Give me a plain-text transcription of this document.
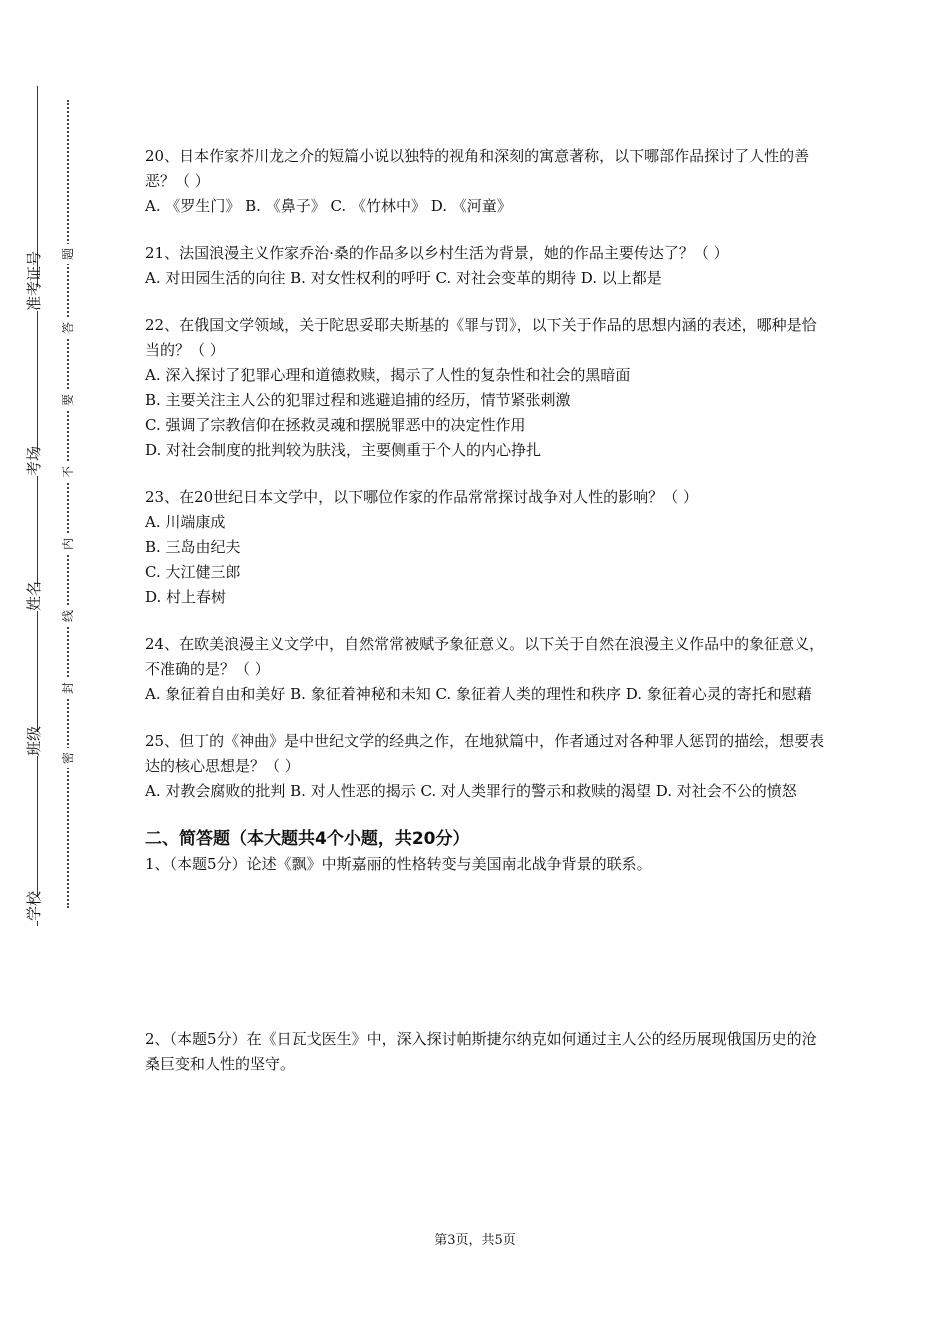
准考证号
考场
姓名
班级
学校
题
答
要
不
内
线
封
密

20、日本作家芥川龙之介的短篇小说以独特的视角和深刻的寓意著称，以下哪部作品探讨了人性的善恶？（ ）

A. 《罗生门》 B. 《鼻子》 C. 《竹林中》 D. 《河童》

21、法国浪漫主义作家乔治·桑的作品多以乡村生活为背景，她的作品主要传达了？（ ）

A. 对田园生活的向往 B. 对女性权利的呼吁 C. 对社会变革的期待 D. 以上都是

22、在俄国文学领域，关于陀思妥耶夫斯基的《罪与罚》，以下关于作品的思想内涵的表述，哪种是恰当的？（ ）

A. 深入探讨了犯罪心理和道德救赎，揭示了人性的复杂性和社会的黑暗面

B. 主要关注主人公的犯罪过程和逃避追捕的经历，情节紧张刺激

C. 强调了宗教信仰在拯救灵魂和摆脱罪恶中的决定性作用

D. 对社会制度的批判较为肤浅，主要侧重于个人的内心挣扎

23、在20世纪日本文学中，以下哪位作家的作品常常探讨战争对人性的影响？（ ）

A. 川端康成

B. 三岛由纪夫

C. 大江健三郎

D. 村上春树

24、在欧美浪漫主义文学中，自然常常被赋予象征意义。以下关于自然在浪漫主义作品中的象征意义，不准确的是？（ ）

A. 象征着自由和美好 B. 象征着神秘和未知 C. 象征着人类的理性和秩序 D. 象征着心灵的寄托和慰藉

25、但丁的《神曲》是中世纪文学的经典之作，在地狱篇中，作者通过对各种罪人惩罚的描绘，想要表达的核心思想是？（ ）

A. 对教会腐败的批判 B. 对人性恶的揭示 C. 对人类罪行的警示和救赎的渴望 D. 对社会不公的愤怒

二、简答题（本大题共4个小题，共20分）

1、（本题5分）论述《飘》中斯嘉丽的性格转变与美国南北战争背景的联系。

2、（本题5分）在《日瓦戈医生》中，深入探讨帕斯捷尔纳克如何通过主人公的经历展现俄国历史的沧桑巨变和人性的坚守。

第3页，共5页
